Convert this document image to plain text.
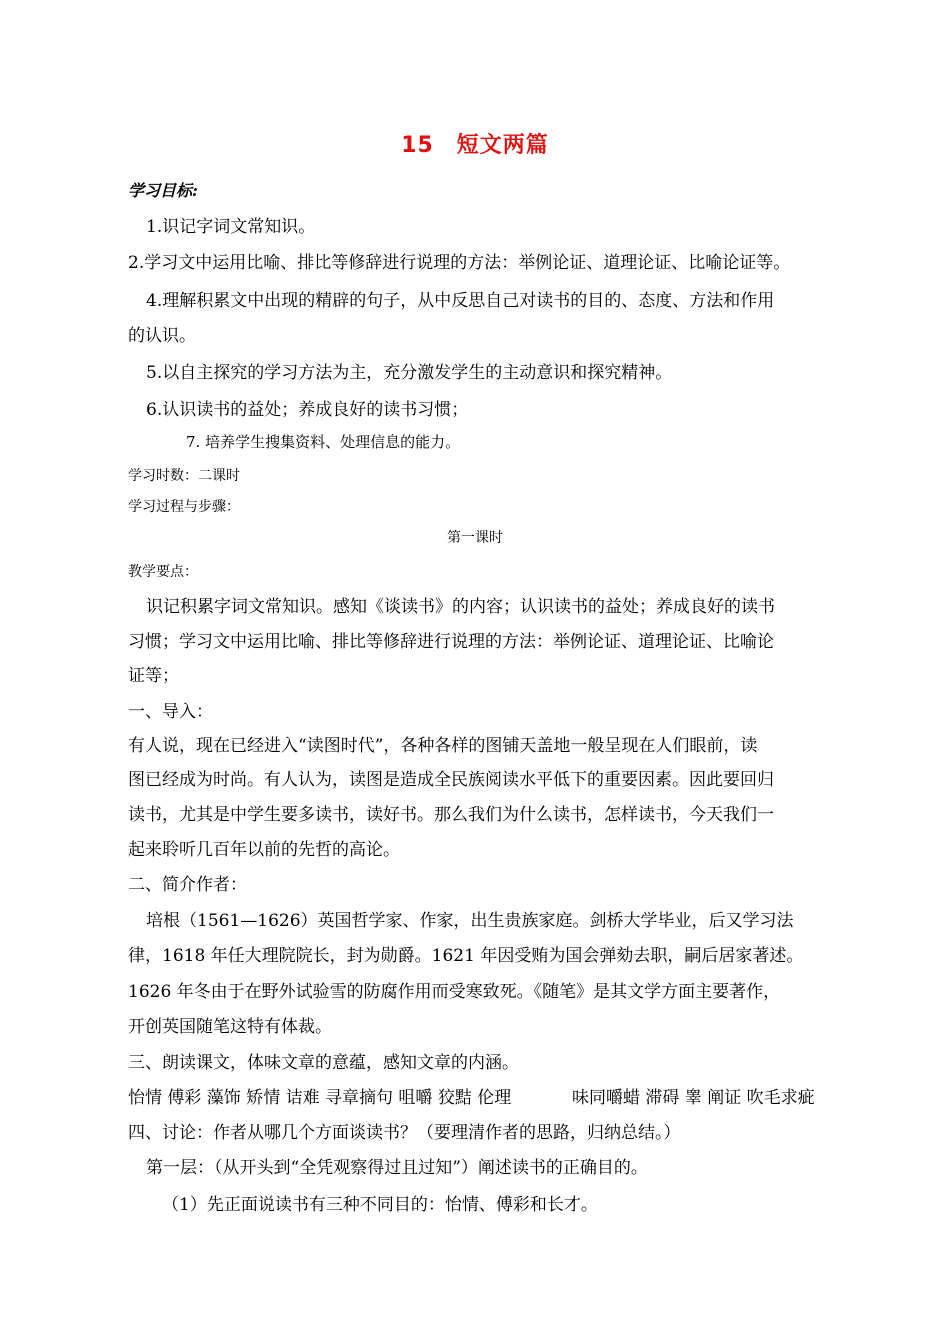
15　短文两篇
学习目标:
1.识记字词文常知识。
2.学习文中运用比喻、排比等修辞进行说理的方法：举例论证、道理论证、比喻论证等。
4.理解积累文中出现的精辟的句子，从中反思自己对读书的目的、态度、方法和作用
的认识。
5.以自主探究的学习方法为主，充分激发学生的主动意识和探究精神。
6.认识读书的益处；养成良好的读书习惯；
7. 培养学生搜集资料、处理信息的能力。
学习时数：二课时
学习过程与步骤：
第一课时
教学要点：
识记积累字词文常知识。感知《谈读书》的内容；认识读书的益处；养成良好的读书
习惯；学习文中运用比喻、排比等修辞进行说理的方法：举例论证、道理论证、比喻论
证等；
一、导入：
有人说，现在已经进入“读图时代”，各种各样的图铺天盖地一般呈现在人们眼前，读
图已经成为时尚。有人认为，读图是造成全民族阅读水平低下的重要因素。因此要回归
读书，尤其是中学生要多读书，读好书。那么我们为什么读书，怎样读书，今天我们一
起来聆听几百年以前的先哲的高论。
二、简介作者：
培根（1561—1626）英国哲学家、作家，出生贵族家庭。剑桥大学毕业，后又学习法
律，1618 年任大理院院长，封为勋爵。1621 年因受贿为国会弹劾去职，嗣后居家著述。
1626 年冬由于在野外试验雪的防腐作用而受寒致死。《随笔》是其文学方面主要著作，
开创英国随笔这特有体裁。
三、朗读课文，体味文章的意蕴，感知文章的内涵。
怡情 傅彩 藻饰 矫情 诘难 寻章摘句 咀嚼 狡黠 伦理	味同嚼蜡 滞碍 睾 阐证 吹毛求疵
四、讨论：作者从哪几个方面谈读书？（要理清作者的思路，归纳总结。）
第一层：（从开头到“全凭观察得过且过知”）阐述读书的正确目的。
（1）先正面说读书有三种不同目的：怡情、傅彩和长才。
